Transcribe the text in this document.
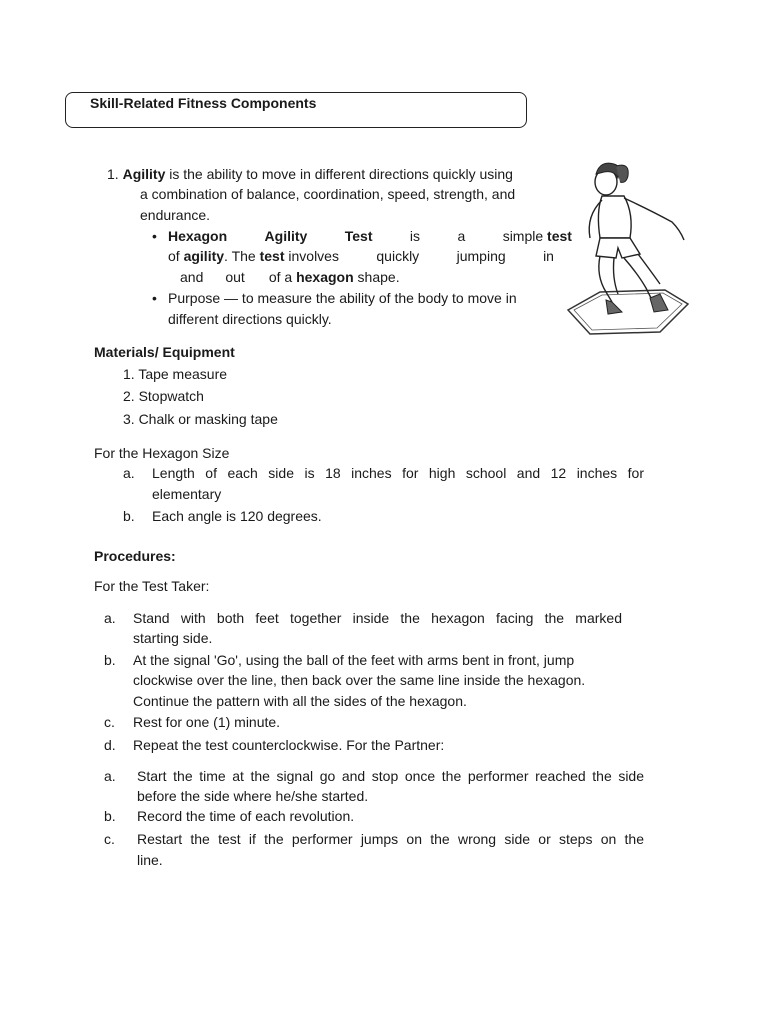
Skill-Related Fitness Components
1. Agility is the ability to move in different directions quickly using
a combination of balance, coordination, speed, strength, and
endurance.
• Hexagon	Agility	Test	is	a	simple test
of agility. The test involves	quickly	jumping	in
and out of a hexagon shape.
• Purpose — to measure the ability of the body to move in
different directions quickly.
Materials/ Equipment
1. Tape measure
2. Stopwatch
3. Chalk or masking tape
For the Hexagon Size
a. Length of each side is 18 inches for high school and 12 inches for
elementary
b. Each angle is 120 degrees.
Procedures:
For the Test Taker:
a. Stand with both feet together inside the hexagon facing the marked
starting side.
b. At the signal 'Go', using the ball of the feet with arms bent in front, jump
clockwise over the line, then back over the same line inside the hexagon.
Continue the pattern with all the sides of the hexagon.
c. Rest for one (1) minute.
d. Repeat the test counterclockwise. For the Partner:
a. Start the time at the signal go and stop once the performer reached the side
before the side where he/she started.
b. Record the time of each revolution.
c. Restart the test if the performer jumps on the wrong side or steps on the
line.
